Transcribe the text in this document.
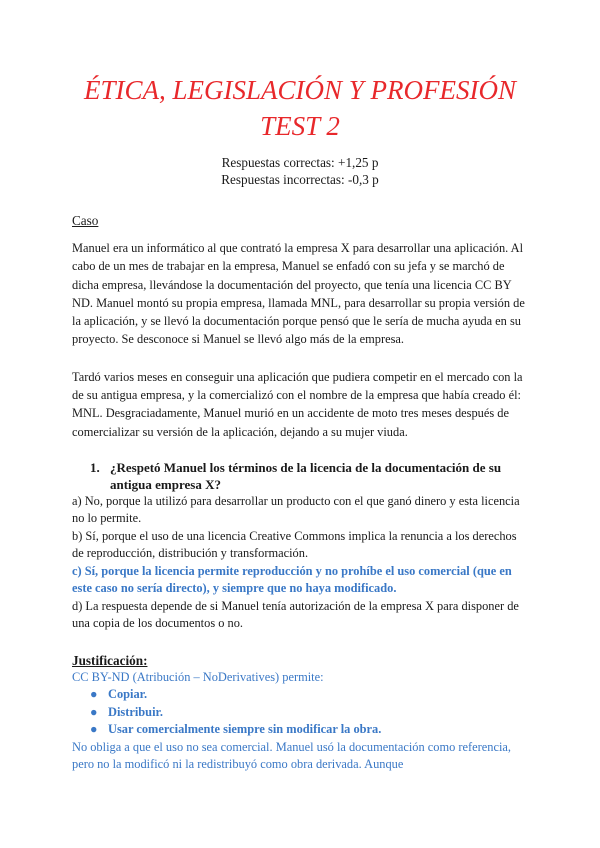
ÉTICA, LEGISLACIÓN Y PROFESIÓN
TEST 2
Respuestas correctas: +1,25 p
Respuestas incorrectas: -0,3 p
Caso

Manuel era un informático al que contrató la empresa X para desarrollar una aplicación. Al cabo de un mes de trabajar en la empresa, Manuel se enfadó con su jefa y se marchó de dicha empresa, llevándose la documentación del proyecto, que tenía una licencia CC BY ND. Manuel montó su propia empresa, llamada MNL, para desarrollar su propia versión de la aplicación, y se llevó la documentación porque pensó que le sería de mucha ayuda en su proyecto. Se desconoce si Manuel se llevó algo más de la empresa.

Tardó varios meses en conseguir una aplicación que pudiera competir en el mercado con la de su antigua empresa, y la comercializó con el nombre de la empresa que había creado él: MNL. Desgraciadamente, Manuel murió en un accidente de moto tres meses después de comercializar su versión de la aplicación, dejando a su mujer viuda.

1. ¿Respetó Manuel los términos de la licencia de la documentación de su antigua empresa X?
a) No, porque la utilizó para desarrollar un producto con el que ganó dinero y esta licencia no lo permite.
b) Sí, porque el uso de una licencia Creative Commons implica la renuncia a los derechos de reproducción, distribución y transformación.
c) Sí, porque la licencia permite reproducción y no prohíbe el uso comercial (que en este caso no sería directo), y siempre que no haya modificado.
d) La respuesta depende de si Manuel tenía autorización de la empresa X para disponer de una copia de los documentos o no.
Justificación:
CC BY-ND (Atribución – NoDerivatives) permite:
● Copiar.
● Distribuir.
● Usar comercialmente siempre sin modificar la obra.
No obliga a que el uso no sea comercial. Manuel usó la documentación como referencia, pero no la modificó ni la redistribuyó como obra derivada. Aunque
